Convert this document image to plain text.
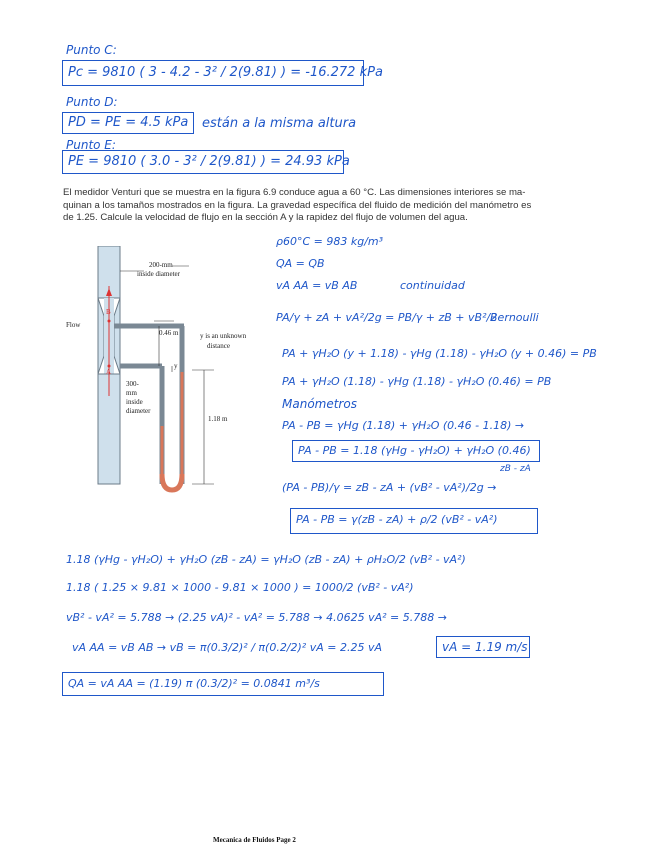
Punto C:
Pc = 9810 ( 3 - 4.2 - 3² / 2(9.81) ) = -16.272 kPa
Punto D:
PD = PE = 4.5 kPa están a la misma altura
Punto E:
PE = 9810 ( 3.0 - 3² / 2(9.81) ) = 24.93 kPa
El medidor Venturi que se muestra en la figura 6.9 conduce agua a 60 °C. Las dimensiones interiores se ma- quinan a los tamaños mostrados en la figura. La gravedad específica del fluido de medición del manómetro es de 1.25. Calcule la velocidad de flujo en la sección A y la rapidez del flujo de volumen del agua.
200-mm
inside diameter
Flow
B
A
0.46 m	y is an unknown
distance
y
300-
mm
inside
diameter
1.18 m
ρ60°C = 983 kg/m³
QA = QB
vA AA = vB AB	continuidad
PA/γ + zA + vA²/2g = PB/γ + zB + vB²/2
Bernoulli
PA + γH₂O (y + 1.18) - γHg (1.18) - γH₂O (y + 0.46) = PB
PA + γH₂O (1.18) - γHg (1.18) - γH₂O (0.46) = PB
Manómetros
PA - PB = γHg (1.18) + γH₂O (0.46 - 1.18) →
PA - PB = 1.18 (γHg - γH₂O) + γH₂O (0.46)
zB - zA
(PA - PB)/γ = zB - zA + (vB² - vA²)/2g →
PA - PB = γ(zB - zA) + ρ/2 (vB² - vA²)
1.18 (γHg - γH₂O) + γH₂O (zB - zA) = γH₂O (zB - zA) + ρH₂O/2 (vB² - vA²)
1.18 ( 1.25 × 9.81 × 1000 - 9.81 × 1000 ) = 1000/2 (vB² - vA²)
vB² - vA² = 5.788 → (2.25 vA)² - vA² = 5.788 → 4.0625 vA² = 5.788 →
vA AA = vB AB → vB = π(0.3/2)² / π(0.2/2)² vA = 2.25 vA	vA = 1.19 m/s
QA = vA AA = (1.19) π (0.3/2)² = 0.0841 m³/s
Mecanica de Fluidos Page 2
